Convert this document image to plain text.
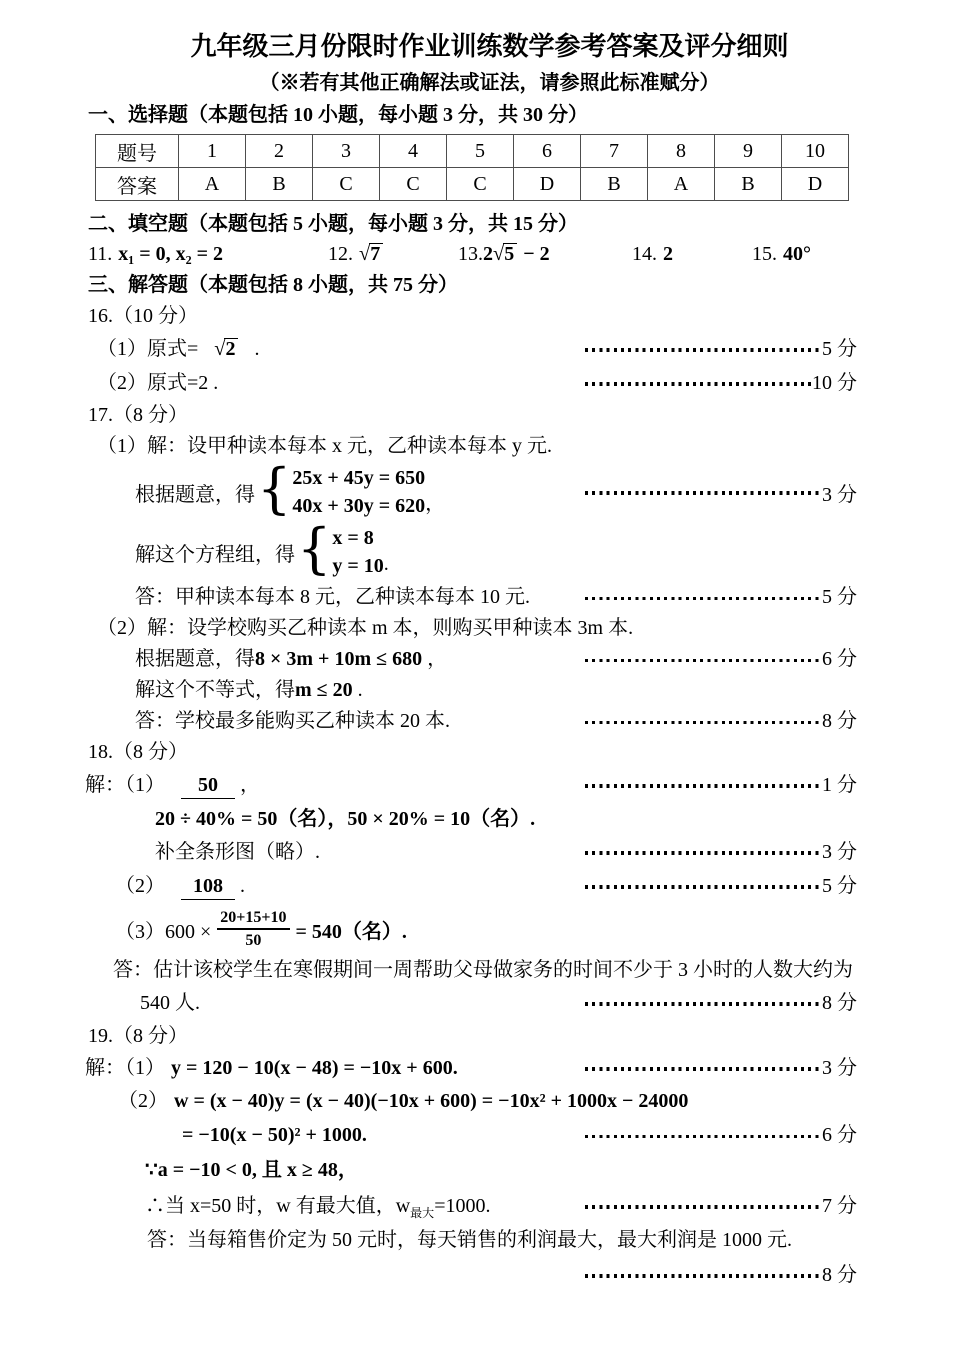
九年级三月份限时作业训练数学参考答案及评分细则
（※若有其他正确解法或证法，请参照此标准赋分）
一、选择题（本题包括 10 小题，每小题 3 分，共 30 分）
题号	1	2	3	4	5	6	7	8	9	10
答案	A	B	C	C	C	D	B	A	B	D
二、填空题（本题包括 5 小题，每小题 3 分，共 15 分）
11. x₁ = 0, x₂ = 2	12. √7	13.2√5 − 2	14. 2	15. 40°
三、解答题（本题包括 8 小题，共 75 分）
16.（10 分）
（1）原式= √2 .	5 分
（2）原式=2 .	10 分
17.（8 分）
（1）解：设甲种读本每本 x 元，乙种读本每本 y 元.
根据题意，得 { 25x + 45y = 650
40x + 30y = 620 ，	3 分
解这个方程组，得 { x = 8
y = 10 .
答：甲种读本每本 8 元，乙种读本每本 10 元.	5 分
（2）解：设学校购买乙种读本 m 本，则购买甲种读本 3m 本.
根据题意，得8 × 3m + 10m ≤ 680 ，	6 分
解这个不等式，得m ≤ 20 .
答：学校最多能购买乙种读本 20 本.	8 分
18.（8 分）
解：（1） 50 ，	1 分
20 ÷ 40% = 50（名），50 × 20% = 10（名）.
补全条形图（略）.	3 分
（2） 108 .	5 分
$(3)600 \times \frac{20+15+10}{50} = 540$（名）.
答：估计该校学生在寒假期间一周帮助父母做家务的时间不少于 3 小时的人数大约为
540 人.	8 分
19.（8 分）
解：（1） y = 120 − 10(x − 48) = −10x + 600.	3 分
（2） w = (x − 40)y = (x − 40)(−10x + 600) = −10x² + 1000x − 24000
= −10(x − 50)² + 1000.	6 分
∵a = −10 < 0, 且 x ≥ 48，
∴当 x=50 时，w 有最大值，$w_{最大}=1000$.	7 分
答：当每箱售价定为 50 元时，每天销售的利润最大，最大利润是 1000 元.
8 分
